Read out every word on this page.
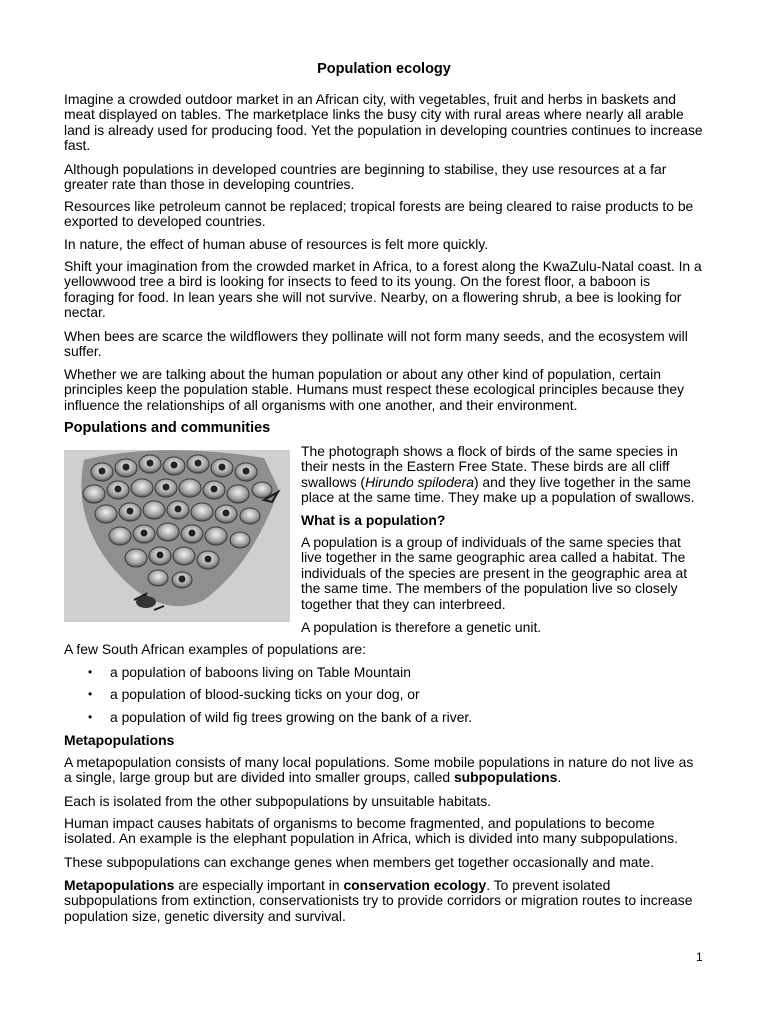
Population ecology

Imagine a crowded outdoor market in an African city, with vegetables, fruit and herbs in baskets and meat displayed on tables. The marketplace links the busy city with rural areas where nearly all arable land is already used for producing food. Yet the population in developing countries continues to increase fast.

Although populations in developed countries are beginning to stabilise, they use resources at a far greater rate than those in developing countries.

Resources like petroleum cannot be replaced; tropical forests are being cleared to raise products to be exported to developed countries.

In nature, the effect of human abuse of resources is felt more quickly.

Shift your imagination from the crowded market in Africa, to a forest along the KwaZulu-Natal coast. In a yellowwood tree a bird is looking for insects to feed to its young. On the forest floor, a baboon is foraging for food. In lean years she will not survive. Nearby, on a flowering shrub, a bee is looking for nectar.

When bees are scarce the wildflowers they pollinate will not form many seeds, and the ecosystem will suffer.

Whether we are talking about the human population or about any other kind of population, certain principles keep the population stable. Humans must respect these ecological principles because they influence the relationships of all organisms with one another, and their environment.

Populations and communities

The photograph shows a flock of birds of the same species in their nests in the Eastern Free State. These birds are all cliff swallows (Hirundo spilodera) and they live together in the same place at the same time. They make up a population of swallows.

What is a population?

A population is a group of individuals of the same species that live together in the same geographic area called a habitat. The individuals of the species are present in the geographic area at the same time. The members of the population live so closely together that they can interbreed.

A population is therefore a genetic unit.

A few South African examples of populations are:

• a population of baboons living on Table Mountain

• a population of blood-sucking ticks on your dog, or

• a population of wild fig trees growing on the bank of a river.

Metapopulations

A metapopulation consists of many local populations. Some mobile populations in nature do not live as a single, large group but are divided into smaller groups, called subpopulations.

Each is isolated from the other subpopulations by unsuitable habitats.

Human impact causes habitats of organisms to become fragmented, and populations to become isolated. An example is the elephant population in Africa, which is divided into many subpopulations.

These subpopulations can exchange genes when members get together occasionally and mate.

Metapopulations are especially important in conservation ecology. To prevent isolated subpopulations from extinction, conservationists try to provide corridors or migration routes to increase population size, genetic diversity and survival.

1
